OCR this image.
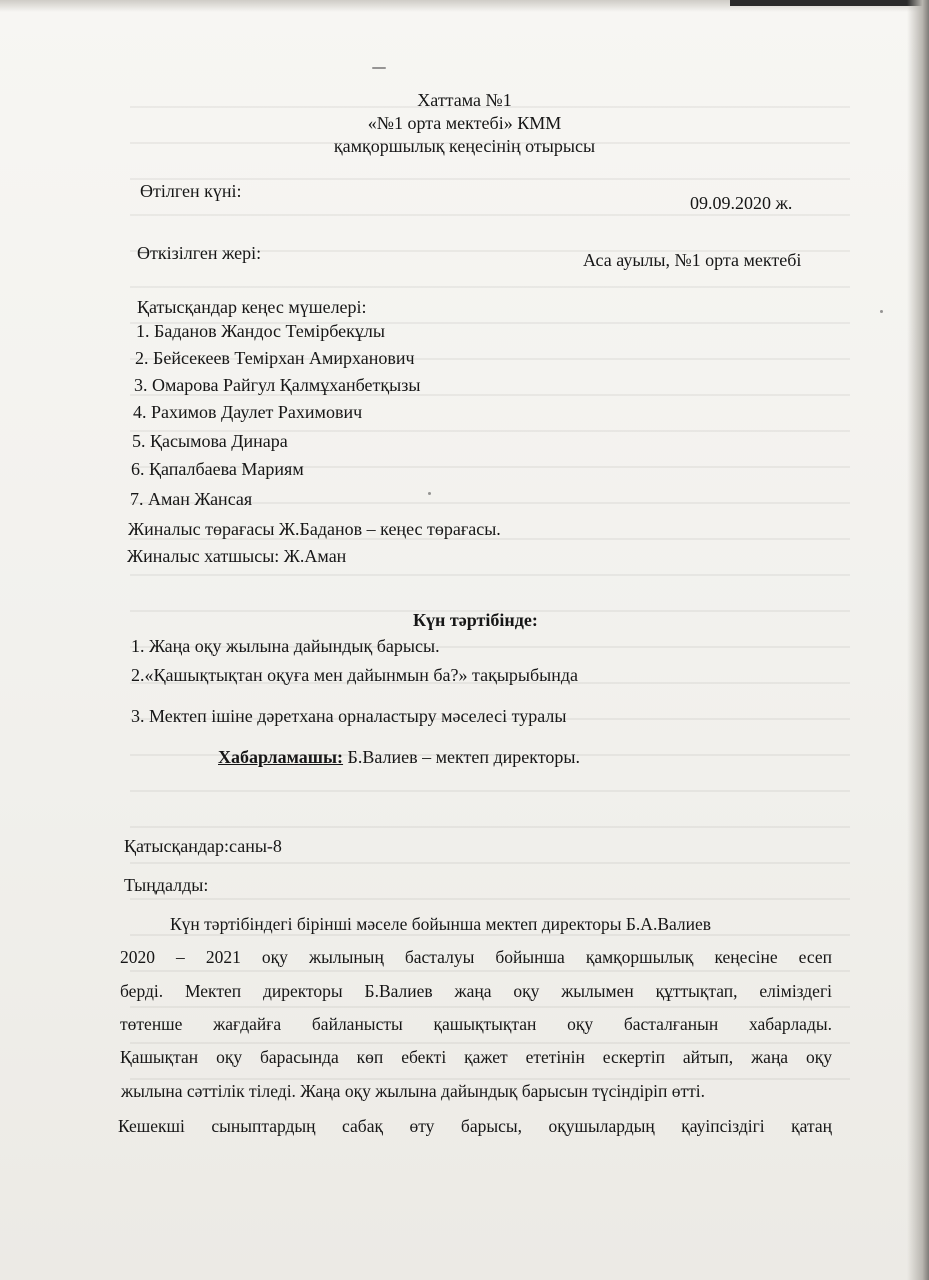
Хаттама №1
«№1 орта мектебі» КММ
қамқоршылық кеңесінің отырысы
Өтілген күні:
09.09.2020 ж.
Өткізілген жері:	Аса ауылы, №1 орта мектебі
Қатысқандар кеңес мүшелері:
1. Баданов Жандос Темірбекұлы
2. Бейсекеев Темірхан Амирханович
3. Омарова Райгул Қалмұханбетқызы
4. Рахимов Даулет Рахимович
5. Қасымова Динара
6. Қапалбаева Мариям
7. Аман Жансая
Жиналыс төрағасы Ж.Баданов – кеңес төрағасы.
Жиналыс хатшысы: Ж.Аман
Күн тәртібінде:
1. Жаңа оқу жылына дайындық барысы.
2.«Қашықтықтан оқуға мен дайынмын ба?» тақырыбында
3. Мектеп ішіне дәретхана орналастыру мәселесі туралы
Хабарламашы: Б.Валиев – мектеп директоры.
Қатысқандар:саны-8
Тыңдалды:
Күн тәртібіндегі бірінші мәселе бойынша мектеп директоры Б.А.Валиев
2020 – 2021 оқу жылының басталуы бойынша қамқоршылық кеңесіне есеп
берді. Мектеп директоры Б.Валиев жаңа оқу жылымен құттықтап, еліміздегі
төтенше жағдайға байланысты қашықтықтан оқу басталғанын хабарлады.
Қашықтан оқу барасында көп ебекті қажет ететінін ескертіп айтып, жаңа оқу
жылына сәттілік тіледі. Жаңа оқу жылына дайындық барысын түсіндіріп өтті.
Кешекші сыныптардың сабақ өту барысы, оқушылардың қауіпсіздігі қатаң
